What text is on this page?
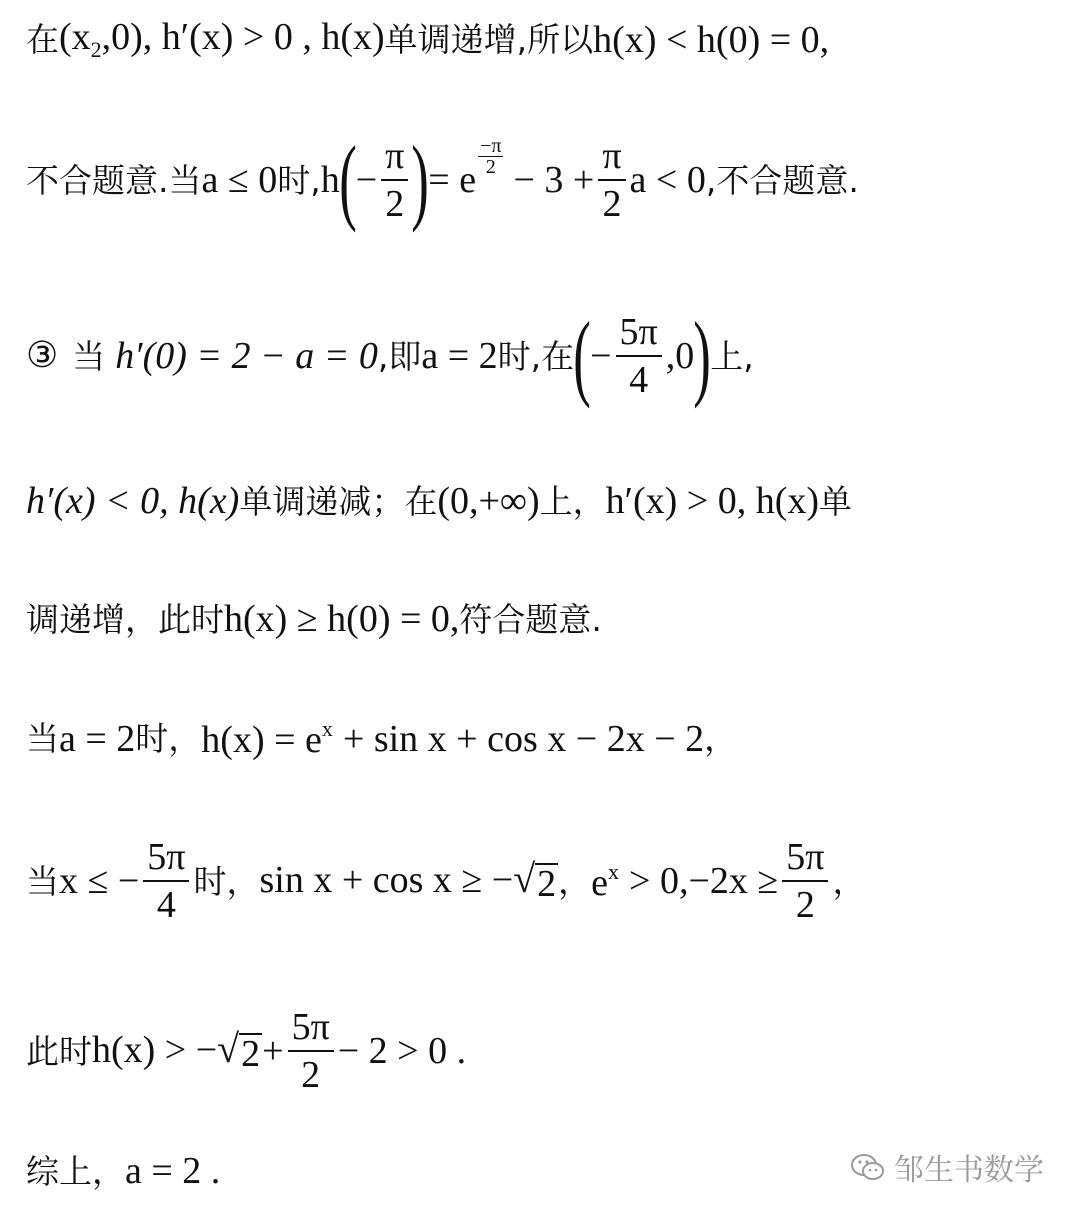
在 $(x_2,0)$, h′(x) > 0 , h(x) 单调递增,所以 h(x) < h(0) = 0,
不合题意.当 a ≤ 0 时, h ( − $\frac{\pi}{2}$ ) = e
−π
$2 - 3 + \frac{\pi}{2}$ a < 0 ,不合题意.
③ 当 h′(0) = 2 − a = 0 ,即 a = 2 时,在 ( − $\frac{5\pi}{4} ,0$ ) 上,
h′(x) < 0, h(x) 单调递减；在 (0,+∞) 上， h′(x) > 0, h(x) 单
调递增，此时 h(x) ≥ h(0) = 0, 符合题意.
当 a = 2 时， $h(x) = e^x + \sin x + \cos x - 2x - 2$ ，
当 x ≤ − $\frac{5\pi}{4}$ 时， sin x + cos x ≥ − √ 2 ， $e^x > 0,-2x \ge \frac{5\pi}{2}$ ，
此时 h(x) > − √ $2 + \frac{5\pi}{2} - 2 > 0$ .
综上， a = 2 .	邹生书数学
